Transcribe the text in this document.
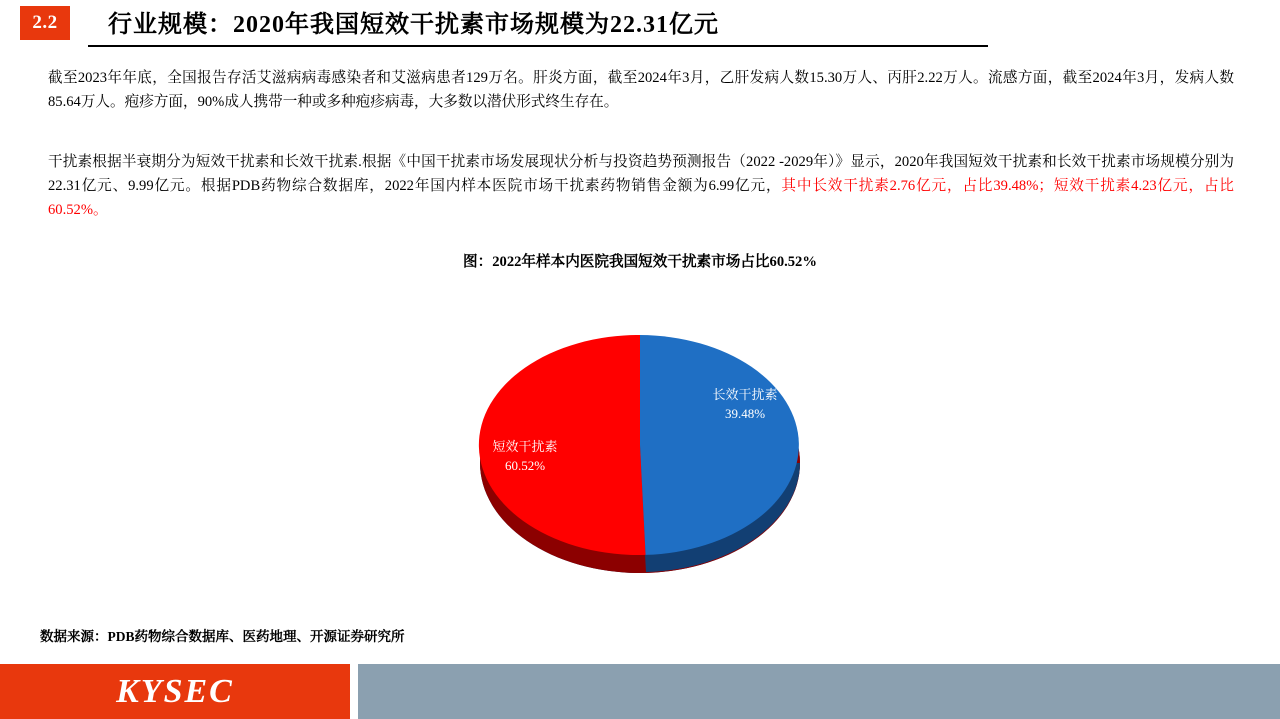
2.2	行业规模：2020年我国短效干扰素市场规模为22.31亿元
截至2023年年底，全国报告存活艾滋病病毒感染者和艾滋病患者129万名。肝炎方面，截至2024年3月，乙肝发病人数15.30万人、丙肝2.22万人。流感方面，截至2024年3月，发病人数85.64万人。疱疹方面，90%成人携带一种或多种疱疹病毒，大多数以潜伏形式终生存在。
干扰素根据半衰期分为短效干扰素和长效干扰素.根据《中国干扰素市场发展现状分析与投资趋势预测报告（2022 -2029年）》显示，2020年我国短效干扰素和长效干扰素市场规模分别为22.31亿元、9.99亿元。根据PDB药物综合数据库，2022年国内样本医院市场干扰素药物销售金额为6.99亿元，其中长效干扰素2.76亿元，占比39.48%；短效干扰素4.23亿元，占比60.52%。
图：2022年样本内医院我国短效干扰素市场占比60.52%
长效干扰素
39.48%
短效干扰素
60.52%
数据来源：PDB药物综合数据库、医药地理、开源证券研究所
KYSEC
